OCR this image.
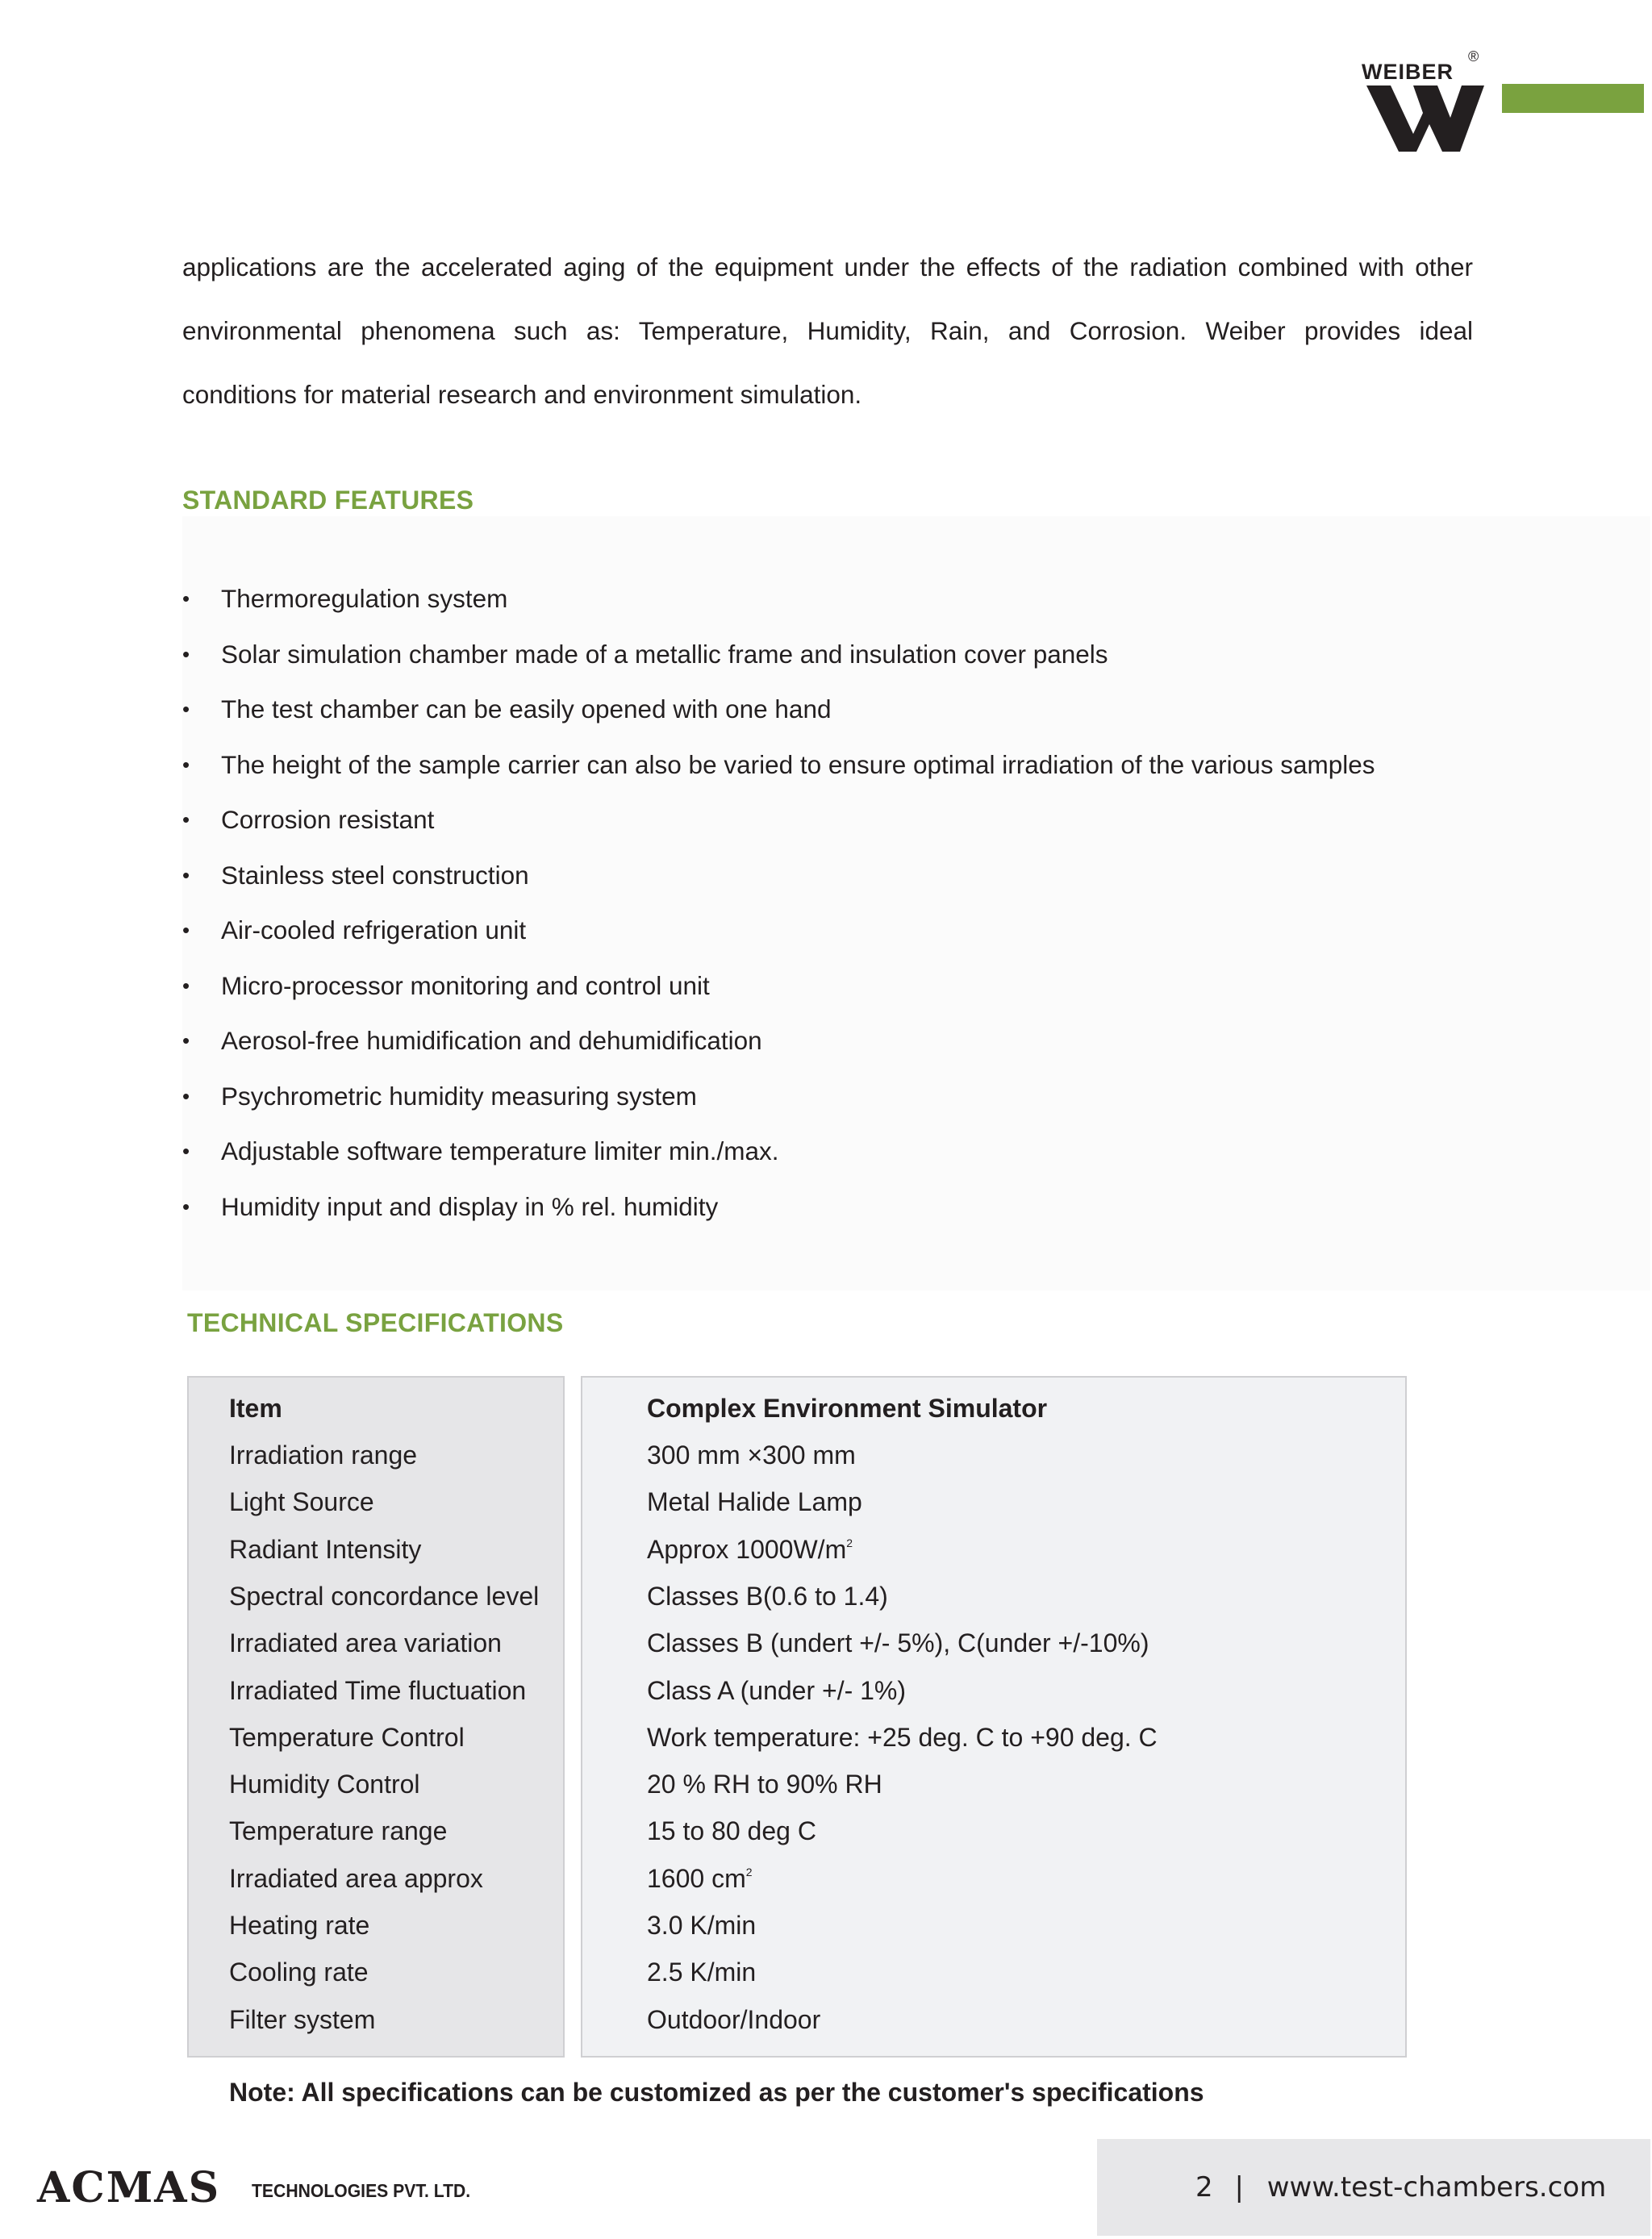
WEIBER
®

applications are the accelerated aging of the equipment under the effects of the radiation combined with other

environmental phenomena such as: Temperature, Humidity, Rain, and Corrosion. Weiber provides ideal

conditions for material research and environment simulation.

STANDARD FEATURES
• Thermoregulation system
• Solar simulation chamber made of a metallic frame and insulation cover panels
• The test chamber can be easily opened with one hand
• The height of the sample carrier can also be varied to ensure optimal irradiation of the various samples
• Corrosion resistant
• Stainless steel construction
• Air-cooled refrigeration unit
• Micro-processor monitoring and control unit
• Aerosol-free humidification and dehumidification
• Psychrometric humidity measuring system
• Adjustable software temperature limiter min./max.
• Humidity input and display in % rel. humidity
TECHNICAL SPECIFICATIONS
Item	Complex Environment Simulator
Irradiation range	300 mm ×300 mm
Light Source	Metal Halide Lamp
Radiant Intensity	Approx $1000W/m^2$
Spectral concordance level	Classes B(0.6 to 1.4)
Irradiated area variation	Classes B (undert +/- 5%), C(under +/-10%)
Irradiated Time fluctuation	Class A (under +/- 1%)
Temperature Control	Work temperature: +25 deg. C to +90 deg. C
Humidity Control	20 % RH to 90% RH
Temperature range	15 to 80 deg C
Irradiated area approx	1600 $cm^2$
Heating rate	3.0 K/min
Cooling rate	2.5 K/min
Filter system	Outdoor/Indoor
Note: All specifications can be customized as per the customer's specifications
ACMAS TECHNOLOGIES PVT. LTD.	2 | www.test-chambers.com
